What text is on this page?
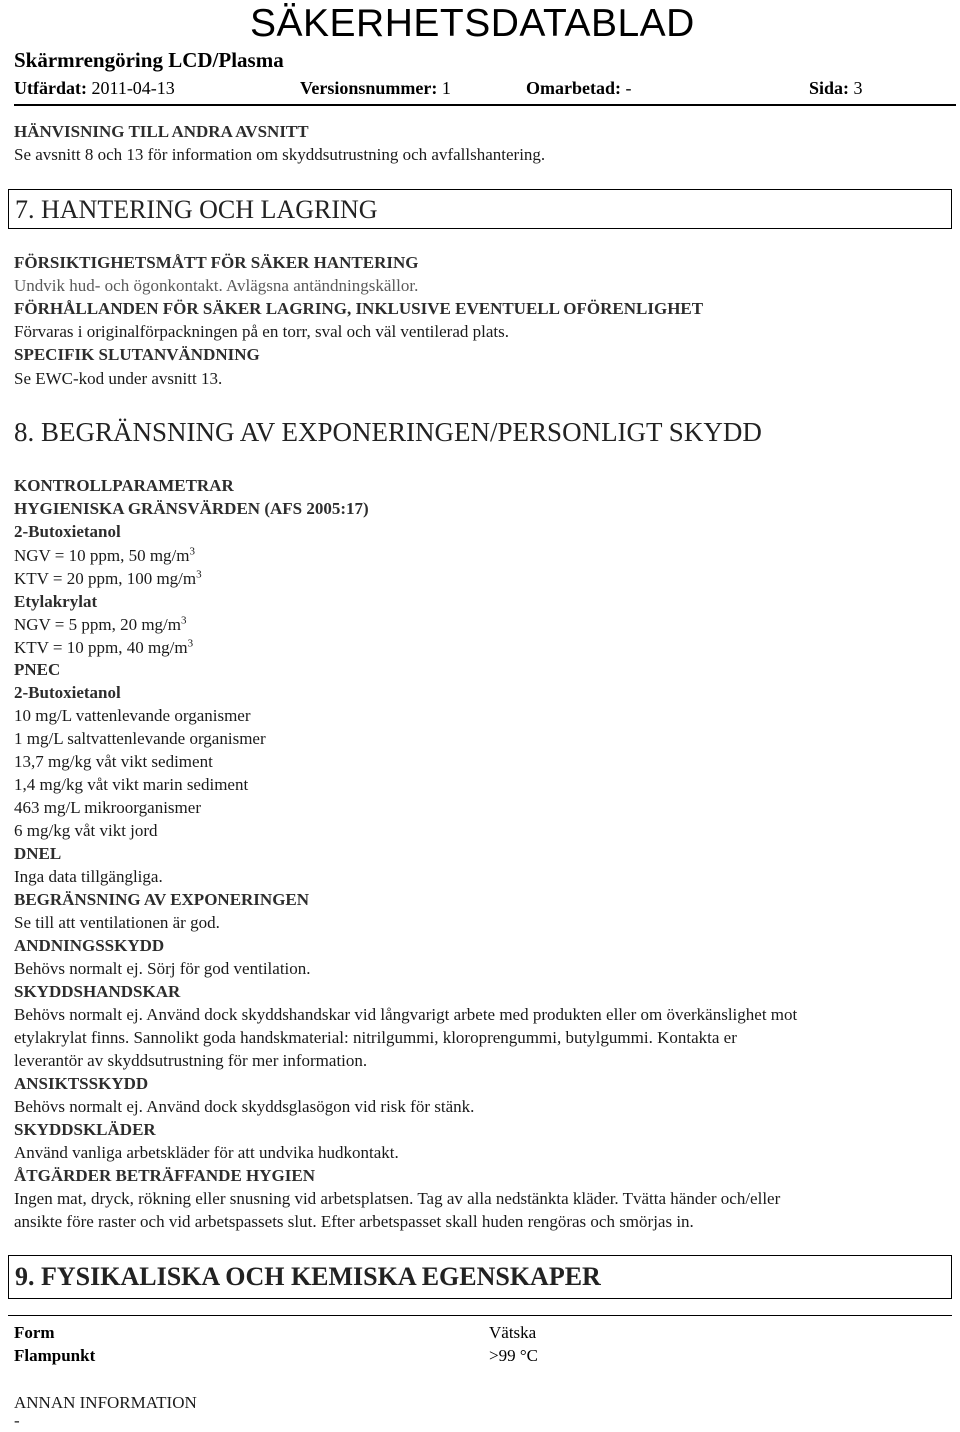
SÄKERHETSDATABLAD
Skärmrengöring LCD/Plasma
Utfärdat: 2011-04-13	Versionsnummer: 1	Omarbetad: -	Sida: 3
HÄNVISNING TILL ANDRA AVSNITT
Se avsnitt 8 och 13 för information om skyddsutrustning och avfallshantering.
7. HANTERING OCH LAGRING
FÖRSIKTIGHETSMÅTT FÖR SÄKER HANTERING
Undvik hud- och ögonkontakt. Avlägsna antändningskällor.
FÖRHÅLLANDEN FÖR SÄKER LAGRING, INKLUSIVE EVENTUELL OFÖRENLIGHET
Förvaras i originalförpackningen på en torr, sval och väl ventilerad plats.
SPECIFIK SLUTANVÄNDNING
Se EWC-kod under avsnitt 13.
8. BEGRÄNSNING AV EXPONERINGEN/PERSONLIGT SKYDD
KONTROLLPARAMETRAR
HYGIENISKA GRÄNSVÄRDEN (AFS 2005:17)
2-Butoxietanol
NGV = 10 ppm, 50 $mg/m^3$
KTV = 20 ppm, 100 $mg/m^3$
Etylakrylat
NGV = 5 ppm, 20 $mg/m^3$
KTV = 10 ppm, 40 $mg/m^3$
PNEC
2-Butoxietanol
10 mg/L vattenlevande organismer
1 mg/L saltvattenlevande organismer
13,7 mg/kg våt vikt sediment
1,4 mg/kg våt vikt marin sediment
463 mg/L mikroorganismer
6 mg/kg våt vikt jord
DNEL
Inga data tillgängliga.
BEGRÄNSNING AV EXPONERINGEN
Se till att ventilationen är god.
ANDNINGSSKYDD
Behövs normalt ej. Sörj för god ventilation.
SKYDDSHANDSKAR
Behövs normalt ej. Använd dock skyddshandskar vid långvarigt arbete med produkten eller om överkänslighet mot
etylakrylat finns. Sannolikt goda handskmaterial: nitrilgummi, kloroprengummi, butylgummi. Kontakta er
leverantör av skyddsutrustning för mer information.
ANSIKTSSKYDD
Behövs normalt ej. Använd dock skyddsglasögon vid risk för stänk.
SKYDDSKLÄDER
Använd vanliga arbetskläder för att undvika hudkontakt.
ÅTGÄRDER BETRÄFFANDE HYGIEN
Ingen mat, dryck, rökning eller snusning vid arbetsplatsen. Tag av alla nedstänkta kläder. Tvätta händer och/eller
ansikte före raster och vid arbetspassets slut. Efter arbetspasset skall huden rengöras och smörjas in.
9. FYSIKALISKA OCH KEMISKA EGENSKAPER
Form	Vätska
Flampunkt	>99 °C
ANNAN INFORMATION
-
